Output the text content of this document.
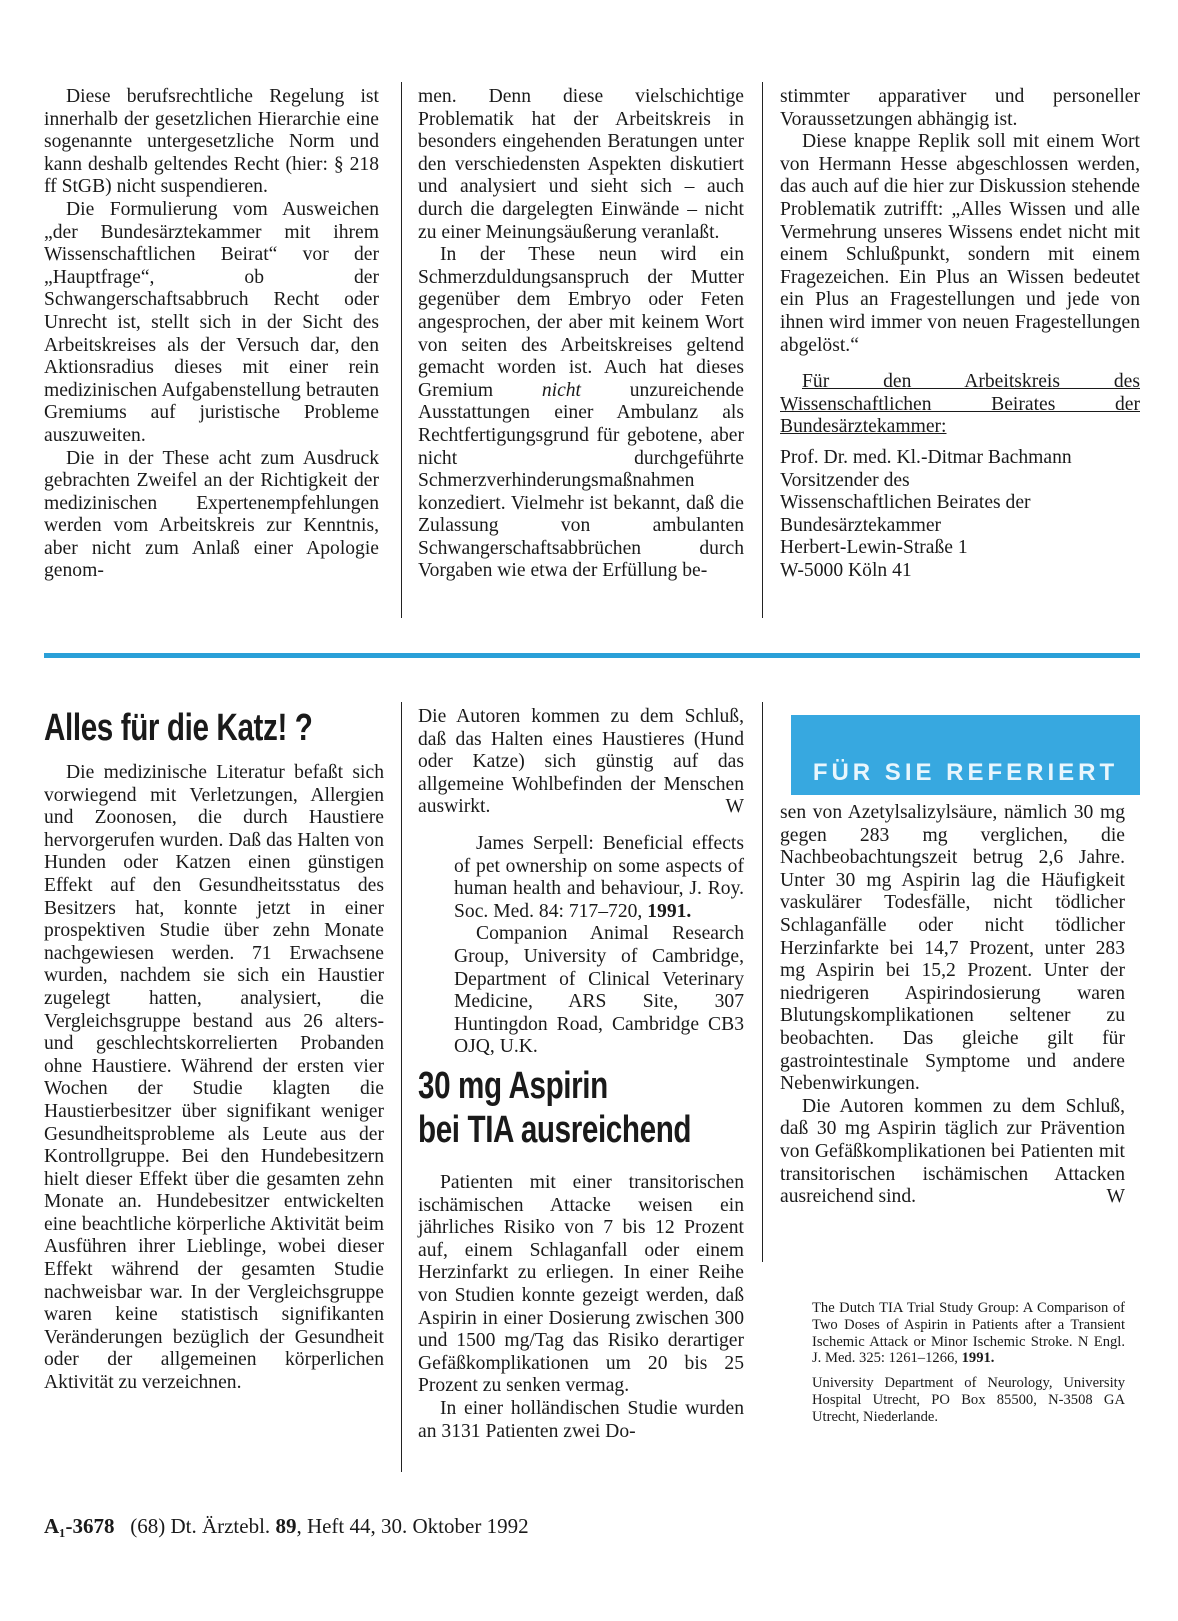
Diese berufsrechtliche Regelung ist innerhalb der gesetzlichen Hierarchie eine sogenannte untergesetzliche Norm und kann deshalb geltendes Recht (hier: § 218 ff StGB) nicht suspendieren.

Die Formulierung vom Ausweichen „der Bundesärztekammer mit ihrem Wissenschaftlichen Beirat“ vor der „Hauptfrage“, ob der Schwangerschaftsabbruch Recht oder Unrecht ist, stellt sich in der Sicht des Arbeitskreises als der Versuch dar, den Aktionsradius dieses mit einer rein medizinischen Aufgabenstellung betrauten Gremiums auf juristische Probleme auszuweiten.

Die in der These acht zum Ausdruck gebrachten Zweifel an der Richtigkeit der medizinischen Expertenempfehlungen werden vom Arbeitskreis zur Kenntnis, aber nicht zum Anlaß einer Apologie genom-

men. Denn diese vielschichtige Problematik hat der Arbeitskreis in besonders eingehenden Beratungen unter den verschiedensten Aspekten diskutiert und analysiert und sieht sich – auch durch die dargelegten Einwände – nicht zu einer Meinungsäußerung veranlaßt.

In der These neun wird ein Schmerzduldungsanspruch der Mutter gegenüber dem Embryo oder Feten angesprochen, der aber mit keinem Wort von seiten des Arbeitskreises geltend gemacht worden ist. Auch hat dieses Gremium nicht unzureichende Ausstattungen einer Ambulanz als Rechtfertigungsgrund für gebotene, aber nicht durchgeführte Schmerzverhinderungsmaßnahmen konzediert. Vielmehr ist bekannt, daß die Zulassung von ambulanten Schwangerschaftsabbrüchen durch Vorgaben wie etwa der Erfüllung be-

stimmter apparativer und personeller Voraussetzungen abhängig ist.

Diese knappe Replik soll mit einem Wort von Hermann Hesse abgeschlossen werden, das auch auf die hier zur Diskussion stehende Problematik zutrifft: „Alles Wissen und alle Vermehrung unseres Wissens endet nicht mit einem Schlußpunkt, sondern mit einem Fragezeichen. Ein Plus an Wissen bedeutet ein Plus an Fragestellungen und jede von ihnen wird immer von neuen Fragestellungen abgelöst.“

Für den Arbeitskreis des Wissenschaftlichen Beirates der Bundesärztekammer:

Prof. Dr. med. Kl.-Ditmar Bachmann

Vorsitzender des

Wissenschaftlichen Beirates der

Bundesärztekammer

Herbert-Lewin-Straße 1

W-5000 Köln 41

Alles für die Katz! ?

Die medizinische Literatur befaßt sich vorwiegend mit Verletzungen, Allergien und Zoonosen, die durch Haustiere hervorgerufen wurden. Daß das Halten von Hunden oder Katzen einen günstigen Effekt auf den Gesundheitsstatus des Besitzers hat, konnte jetzt in einer prospektiven Studie über zehn Monate nachgewiesen werden. 71 Erwachsene wurden, nachdem sie sich ein Haustier zugelegt hatten, analysiert, die Vergleichsgruppe bestand aus 26 alters- und geschlechtskorrelierten Probanden ohne Haustiere. Während der ersten vier Wochen der Studie klagten die Haustierbesitzer über signifikant weniger Gesundheitsprobleme als Leute aus der Kontrollgruppe. Bei den Hundebesitzern hielt dieser Effekt über die gesamten zehn Monate an. Hundebesitzer entwickelten eine beachtliche körperliche Aktivität beim Ausführen ihrer Lieblinge, wobei dieser Effekt während der gesamten Studie nachweisbar war. In der Vergleichsgruppe waren keine statistisch signifikanten Veränderungen bezüglich der Gesundheit oder der allgemeinen körperlichen Aktivität zu verzeichnen.

Die Autoren kommen zu dem Schluß, daß das Halten eines Haustieres (Hund oder Katze) sich günstig auf das allgemeine Wohlbefinden der Menschen auswirkt.	W

James Serpell: Beneficial effects of pet ownership on some aspects of human health and behaviour, J. Roy. Soc. Med. 84: 717–720, 1991.

Companion Animal Research Group, University of Cambridge, Department of Clinical Veterinary Medicine, ARS Site, 307 Huntingdon Road, Cambridge CB3 OJQ, U.K.

30 mg Aspirin
bei TIA ausreichend

Patienten mit einer transitorischen ischämischen Attacke weisen ein jährliches Risiko von 7 bis 12 Prozent auf, einem Schlaganfall oder einem Herzinfarkt zu erliegen. In einer Reihe von Studien konnte gezeigt werden, daß Aspirin in einer Dosierung zwischen 300 und 1500 mg/Tag das Risiko derartiger Gefäßkomplikationen um 20 bis 25 Prozent zu senken vermag.

In einer holländischen Studie wurden an 3131 Patienten zwei Do-

FÜR SIE REFERIERT

sen von Azetylsalizylsäure, nämlich 30 mg gegen 283 mg verglichen, die Nachbeobachtungszeit betrug 2,6 Jahre. Unter 30 mg Aspirin lag die Häufigkeit vaskulärer Todesfälle, nicht tödlicher Schlaganfälle oder nicht tödlicher Herzinfarkte bei 14,7 Prozent, unter 283 mg Aspirin bei 15,2 Prozent. Unter der niedrigeren Aspirindosierung waren Blutungskomplikationen seltener zu beobachten. Das gleiche gilt für gastrointestinale Symptome und andere Nebenwirkungen.

Die Autoren kommen zu dem Schluß, daß 30 mg Aspirin täglich zur Prävention von Gefäßkomplikationen bei Patienten mit transitorischen ischämischen Attacken ausreichend sind.	W

The Dutch TIA Trial Study Group: A Comparison of Two Doses of Aspirin in Patients after a Transient Ischemic Attack or Minor Ischemic Stroke. N Engl. J. Med. 325: 1261–1266, 1991.

University Department of Neurology, University Hospital Utrecht, PO Box 85500, N-3508 GA Utrecht, Niederlande.

A₁-3678 (68) Dt. Ärztebl. 89, Heft 44, 30. Oktober 1992
